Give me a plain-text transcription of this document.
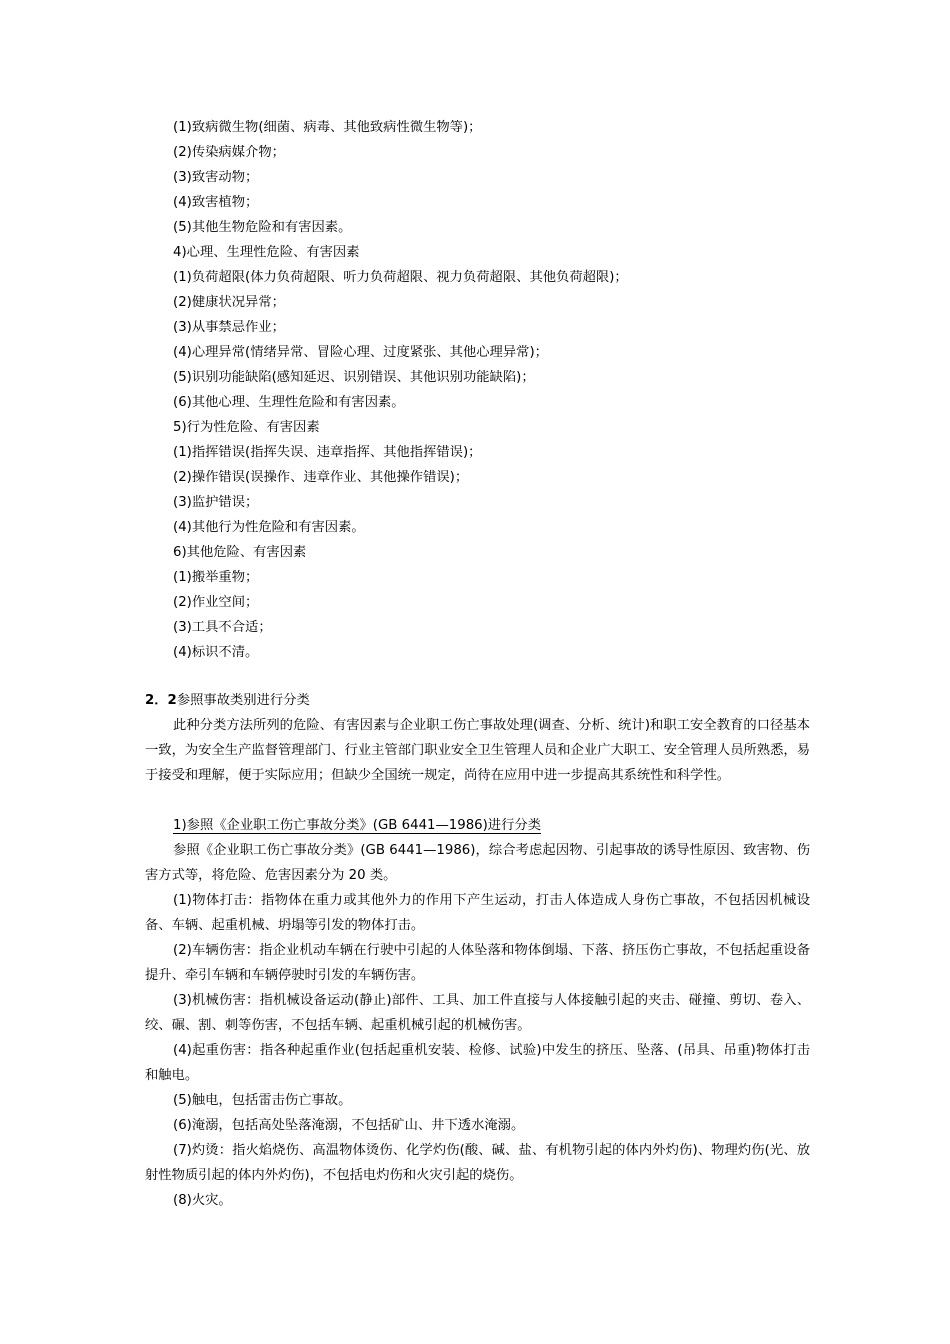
(1)致病微生物(细菌、病毒、其他致病性微生物等)；
(2)传染病媒介物；
(3)致害动物；
(4)致害植物；
(5)其他生物危险和有害因素。
4)心理、生理性危险、有害因素
(1)负荷超限(体力负荷超限、听力负荷超限、视力负荷超限、其他负荷超限)；
(2)健康状况异常；
(3)从事禁忌作业；
(4)心理异常(情绪异常、冒险心理、过度紧张、其他心理异常)；
(5)识别功能缺陷(感知延迟、识别错误、其他识别功能缺陷)；
(6)其他心理、生理性危险和有害因素。
5)行为性危险、有害因素
(1)指挥错误(指挥失误、违章指挥、其他指挥错误)；
(2)操作错误(误操作、违章作业、其他操作错误)；
(3)监护错误；
(4)其他行为性危险和有害因素。
6)其他危险、有害因素
(1)搬举重物；
(2)作业空间；
(3)工具不合适；
(4)标识不清。
2．2参照事故类别进行分类

此种分类方法所列的危险、有害因素与企业职工伤亡事故处理(调查、分析、统计)和职工安全教育的口径基本一致，为安全生产监督管理部门、行业主管部门职业安全卫生管理人员和企业广大职工、安全管理人员所熟悉，易于接受和理解，便于实际应用；但缺少全国统一规定，尚待在应用中进一步提高其系统性和科学性。

1)参照《企业职工伤亡事故分类》(GB 6441—1986)进行分类

参照《企业职工伤亡事故分类》(GB 6441—1986)，综合考虑起因物、引起事故的诱导性原因、致害物、伤害方式等，将危险、危害因素分为 20 类。

(1)物体打击：指物体在重力或其他外力的作用下产生运动，打击人体造成人身伤亡事故，不包括因机械设备、车辆、起重机械、坍塌等引发的物体打击。

(2)车辆伤害：指企业机动车辆在行驶中引起的人体坠落和物体倒塌、下落、挤压伤亡事故，不包括起重设备提升、牵引车辆和车辆停驶时引发的车辆伤害。

(3)机械伤害：指机械设备运动(静止)部件、工具、加工件直接与人体接触引起的夹击、碰撞、剪切、卷入、绞、碾、割、刺等伤害，不包括车辆、起重机械引起的机械伤害。

(4)起重伤害：指各种起重作业(包括起重机安装、检修、试验)中发生的挤压、坠落、(吊具、吊重)物体打击和触电。

(5)触电，包括雷击伤亡事故。

(6)淹溺，包括高处坠落淹溺，不包括矿山、井下透水淹溺。

(7)灼烫：指火焰烧伤、高温物体烫伤、化学灼伤(酸、碱、盐、有机物引起的体内外灼伤)、物理灼伤(光、放射性物质引起的体内外灼伤)，不包括电灼伤和火灾引起的烧伤。

(8)火灾。
